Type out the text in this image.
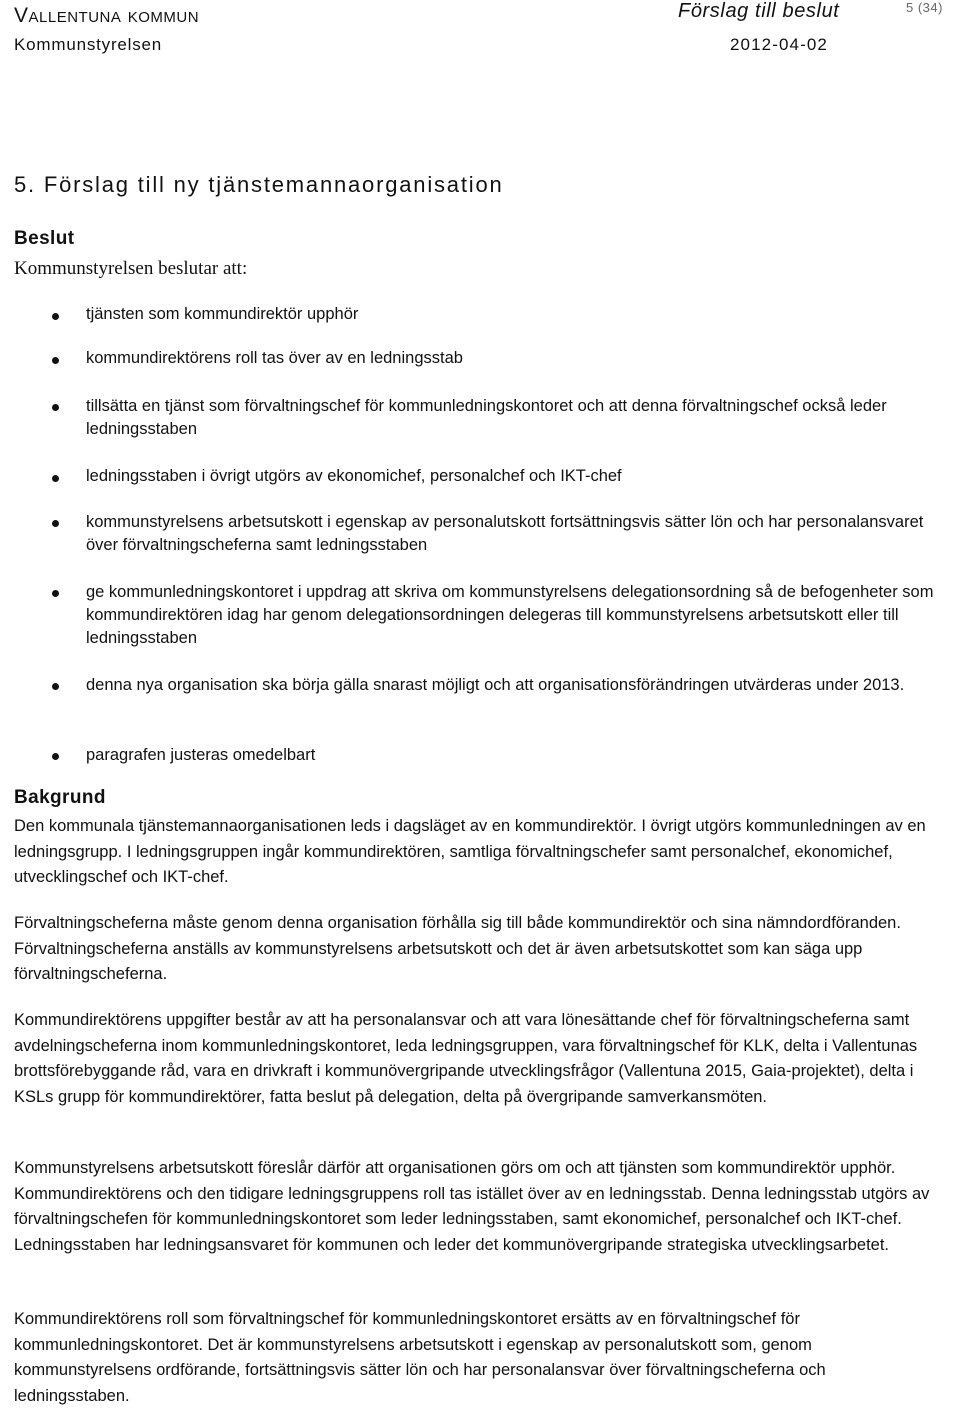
Vallentuna kommun
Kommunstyrelsen
Förslag till beslut	5 (34)
2012-04-02
5. Förslag till ny tjänstemannaorganisation
Beslut

Kommunstyrelsen beslutar att:

tjänsten som kommundirektör upphör
kommundirektörens roll tas över av en ledningsstab
tillsätta en tjänst som förvaltningschef för kommunledningskontoret och att denna förvaltningschef också leder ledningsstaben
ledningsstaben i övrigt utgörs av ekonomichef, personalchef och IKT-chef
kommunstyrelsens arbetsutskott i egenskap av personalutskott fortsättningsvis sätter lön och har personalansvaret över förvaltningscheferna samt ledningsstaben
ge kommunledningskontoret i uppdrag att skriva om kommunstyrelsens delegationsordning så de befogenheter som kommundirektören idag har genom delegationsordningen delegeras till kommunstyrelsens arbetsutskott eller till ledningsstaben
denna nya organisation ska börja gälla snarast möjligt och att organisationsförändringen utvärderas under 2013.
paragrafen justeras omedelbart
Bakgrund

Den kommunala tjänstemannaorganisationen leds i dagsläget av en kommundirektör. I övrigt utgörs kommunledningen av en ledningsgrupp. I ledningsgruppen ingår kommundirektören, samtliga förvaltningschefer samt personalchef, ekonomichef, utvecklingschef och IKT-chef.

Förvaltningscheferna måste genom denna organisation förhålla sig till både kommundirektör och sina nämndordföranden. Förvaltningscheferna anställs av kommunstyrelsens arbetsutskott och det är även arbetsutskottet som kan säga upp förvaltningscheferna.

Kommundirektörens uppgifter består av att ha personalansvar och att vara lönesättande chef för förvaltningscheferna samt avdelningscheferna inom kommunledningskontoret, leda ledningsgruppen, vara förvaltningschef för KLK, delta i Vallentunas brottsförebyggande råd, vara en drivkraft i kommunövergripande utvecklingsfrågor (Vallentuna 2015, Gaia-projektet), delta i KSLs grupp för kommundirektörer, fatta beslut på delegation, delta på övergripande samverkansmöten.

Kommunstyrelsens arbetsutskott föreslår därför att organisationen görs om och att tjänsten som kommundirektör upphör. Kommundirektörens och den tidigare ledningsgruppens roll tas istället över av en ledningsstab. Denna ledningsstab utgörs av förvaltningschefen för kommunledningskontoret som leder ledningsstaben, samt ekonomichef, personalchef och IKT-chef. Ledningsstaben har ledningsansvaret för kommunen och leder det kommunövergripande strategiska utvecklingsarbetet.

Kommundirektörens roll som förvaltningschef för kommunledningskontoret ersätts av en förvaltningschef för kommunledningskontoret. Det är kommunstyrelsens arbetsutskott i egenskap av personalutskott som, genom kommunstyrelsens ordförande, fortsättningsvis sätter lön och har personalansvar över förvaltningscheferna och ledningsstaben.
